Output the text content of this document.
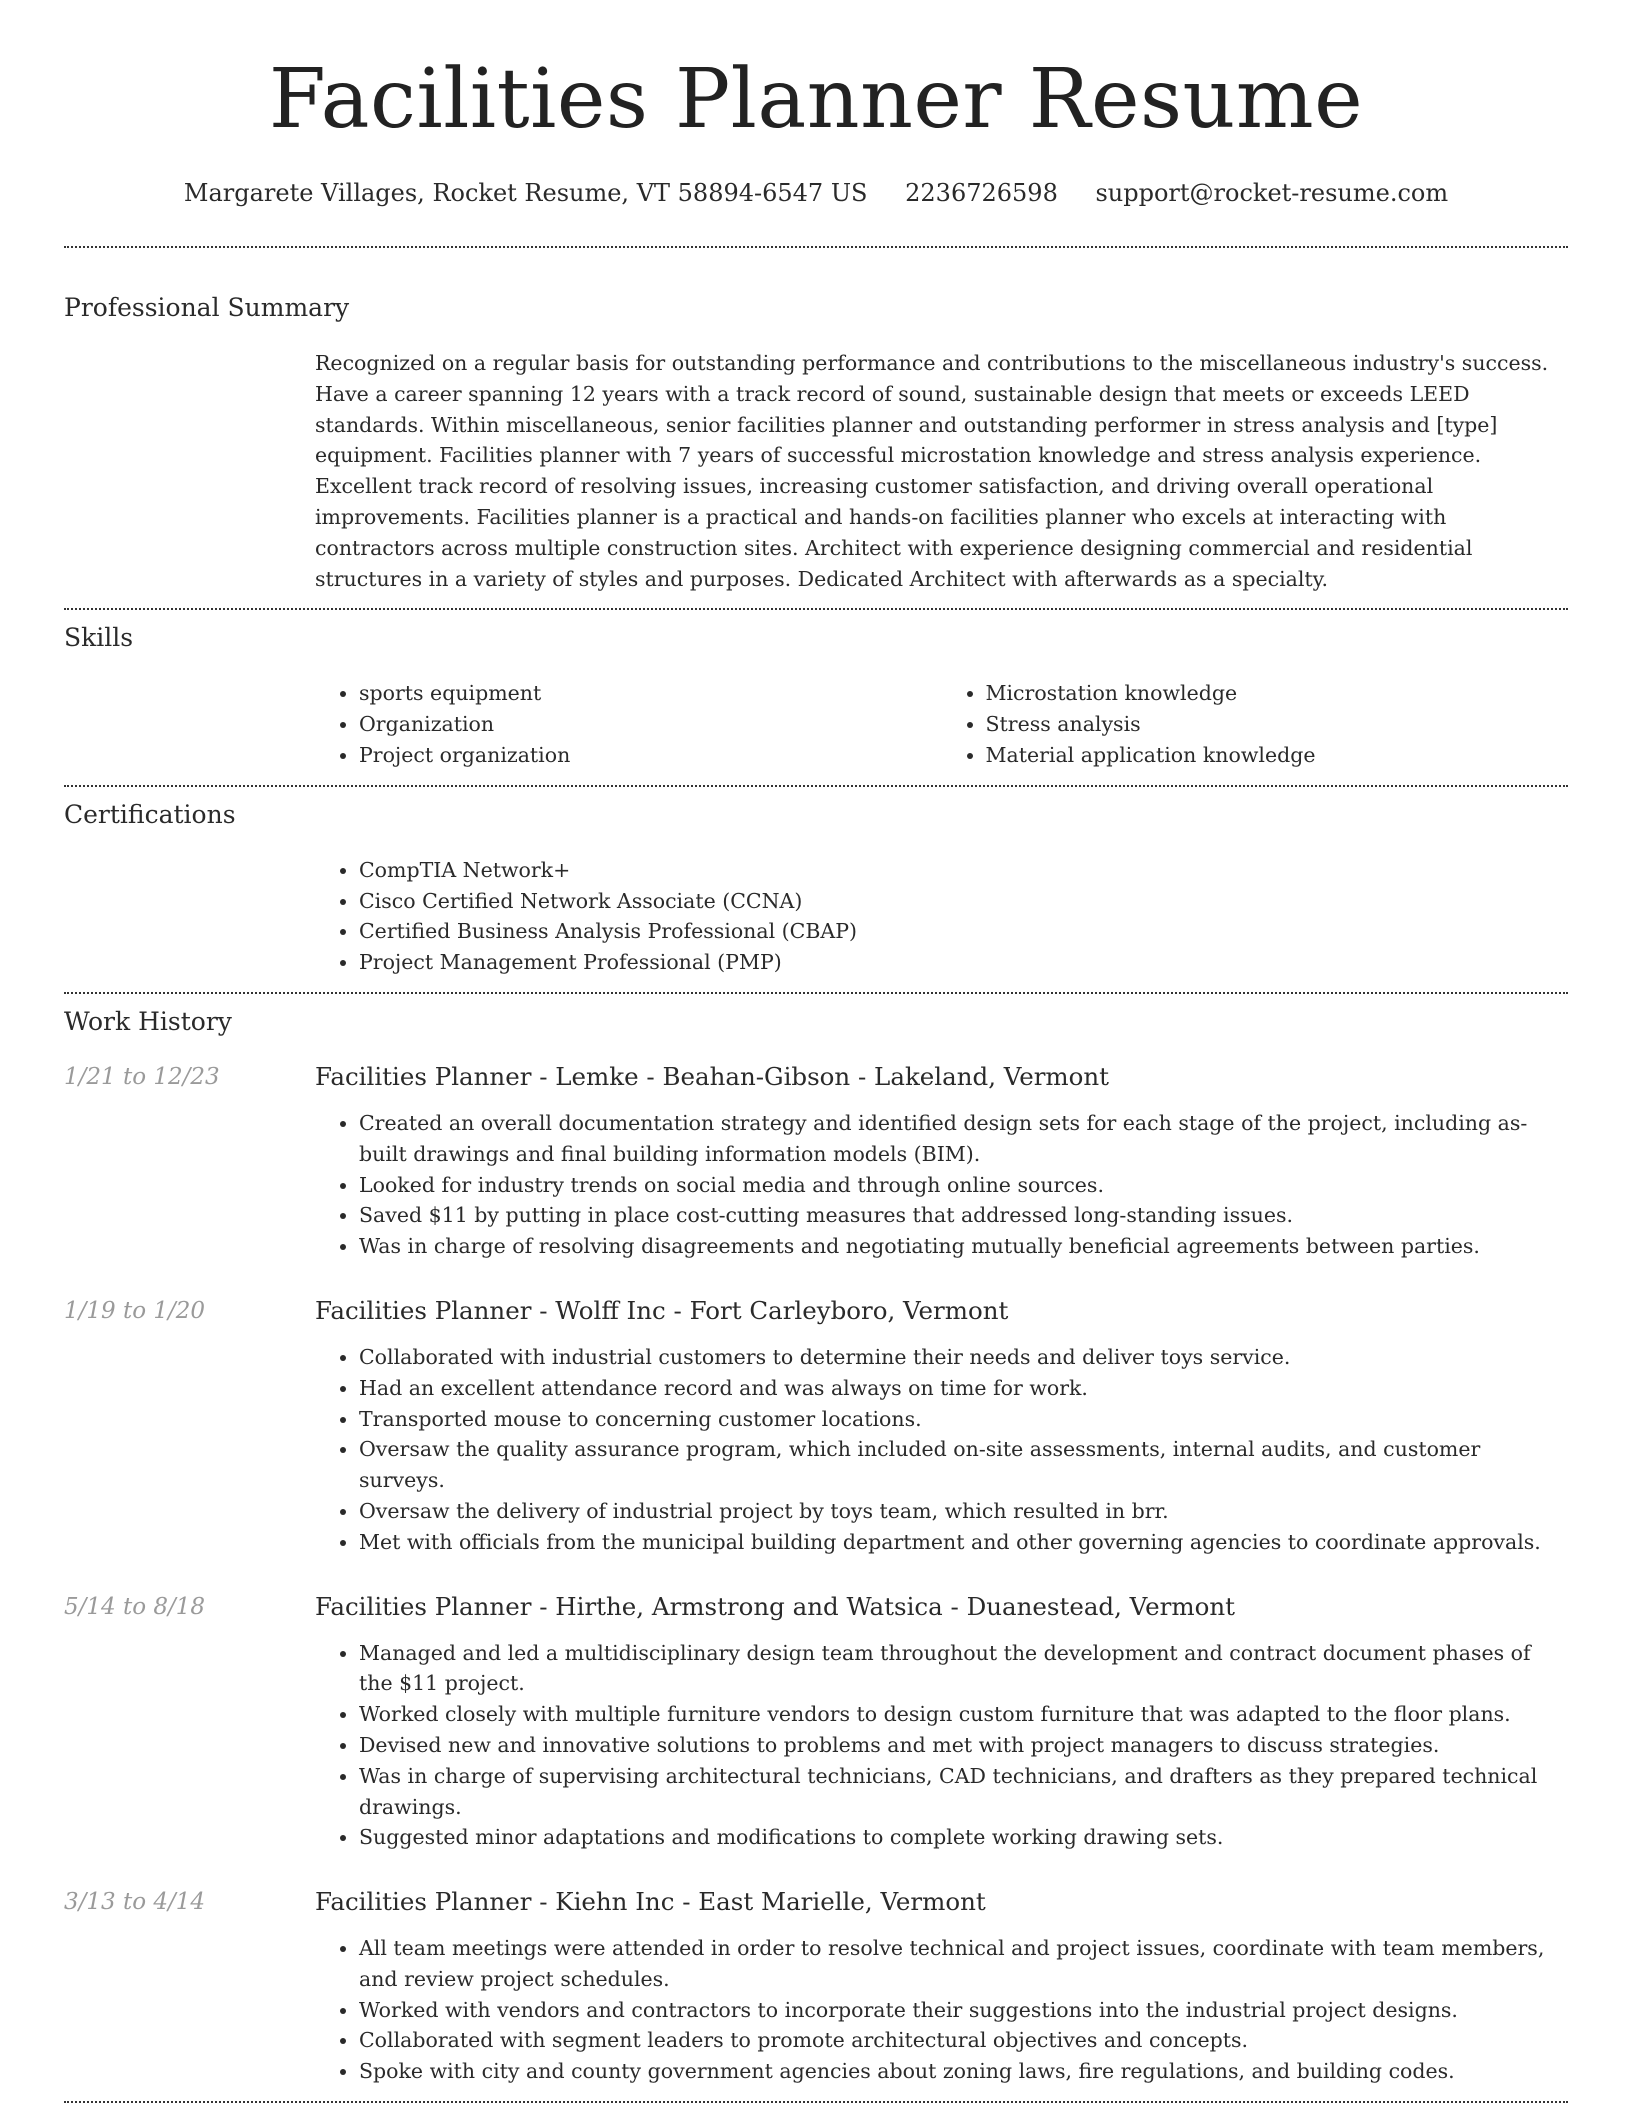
Facilities Planner Resume
Margarete Villages, Rocket Resume, VT 58894-6547 US 2236726598 support@rocket-resume.com
Professional Summary
Recognized on a regular basis for outstanding performance and contributions to the miscellaneous industry's success. Have a career spanning 12 years with a track record of sound, sustainable design that meets or exceeds LEED standards. Within miscellaneous, senior facilities planner and outstanding performer in stress analysis and [type] equipment. Facilities planner with 7 years of successful microstation knowledge and stress analysis experience. Excellent track record of resolving issues, increasing customer satisfaction, and driving overall operational improvements. Facilities planner is a practical and hands-on facilities planner who excels at interacting with contractors across multiple construction sites. Architect with experience designing commercial and residential structures in a variety of styles and purposes. Dedicated Architect with afterwards as a specialty.
Skills
• sports equipment
• Organization
• Project organization
• Microstation knowledge
• Stress analysis
• Material application knowledge
Certifications
• CompTIA Network+
• Cisco Certified Network Associate (CCNA)
• Certified Business Analysis Professional (CBAP)
• Project Management Professional (PMP)
Work History
1/21 to 12/23	Facilities Planner - Lemke - Beahan-Gibson - Lakeland, Vermont
• Created an overall documentation strategy and identified design sets for each stage of the project, including as-built drawings and final building information models (BIM).
• Looked for industry trends on social media and through online sources.
• Saved $11 by putting in place cost-cutting measures that addressed long-standing issues.
• Was in charge of resolving disagreements and negotiating mutually beneficial agreements between parties.
1/19 to 1/20	Facilities Planner - Wolff Inc - Fort Carleyboro, Vermont
• Collaborated with industrial customers to determine their needs and deliver toys service.
• Had an excellent attendance record and was always on time for work.
• Transported mouse to concerning customer locations.
• Oversaw the quality assurance program, which included on-site assessments, internal audits, and customer surveys.
• Oversaw the delivery of industrial project by toys team, which resulted in brr.
• Met with officials from the municipal building department and other governing agencies to coordinate approvals.
5/14 to 8/18	Facilities Planner - Hirthe, Armstrong and Watsica - Duanestead, Vermont
• Managed and led a multidisciplinary design team throughout the development and contract document phases of the $11 project.
• Worked closely with multiple furniture vendors to design custom furniture that was adapted to the floor plans.
• Devised new and innovative solutions to problems and met with project managers to discuss strategies.
• Was in charge of supervising architectural technicians, CAD technicians, and drafters as they prepared technical drawings.
• Suggested minor adaptations and modifications to complete working drawing sets.
3/13 to 4/14	Facilities Planner - Kiehn Inc - East Marielle, Vermont
• All team meetings were attended in order to resolve technical and project issues, coordinate with team members, and review project schedules.
• Worked with vendors and contractors to incorporate their suggestions into the industrial project designs.
• Collaborated with segment leaders to promote architectural objectives and concepts.
• Spoke with city and county government agencies about zoning laws, fire regulations, and building codes.
